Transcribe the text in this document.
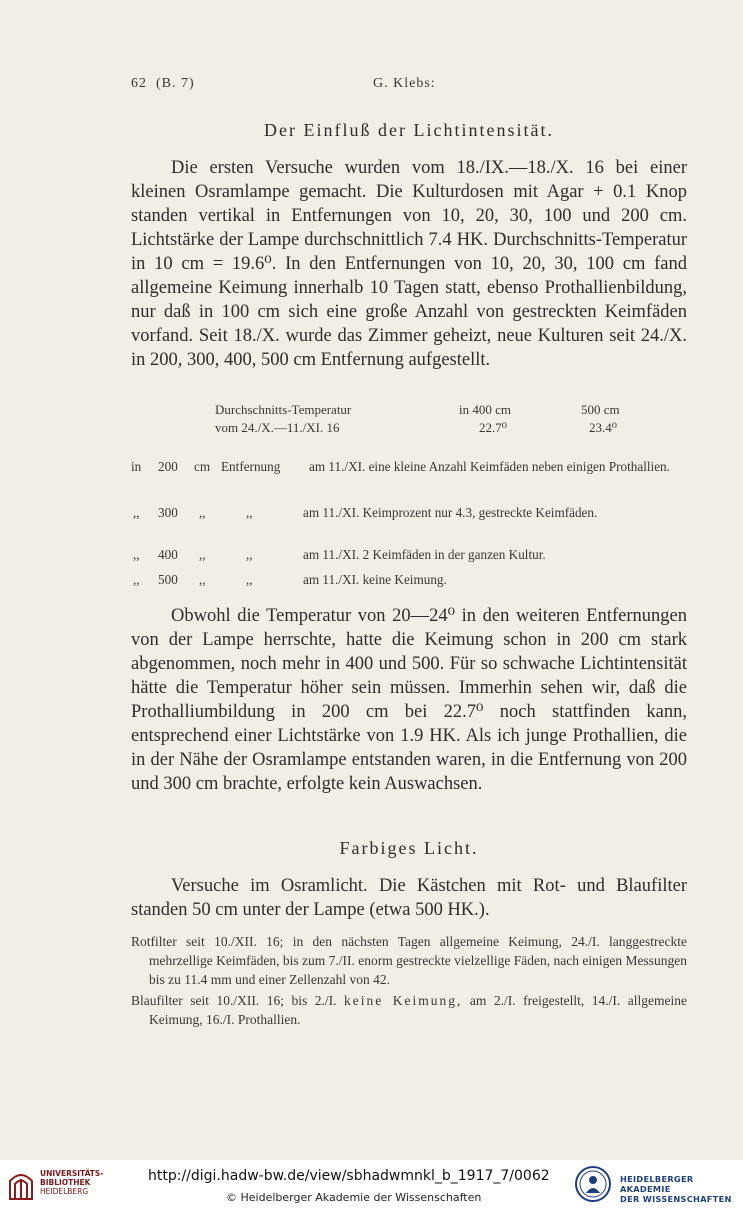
62 (B. 7)	G. Klebs:
Der Einfluß der Lichtintensität.

Die ersten Versuche wurden vom 18./IX.—18./X. 16 bei einer kleinen Osramlampe gemacht. Die Kulturdosen mit Agar + 0.1 Knop standen vertikal in Entfernungen von 10, 20, 30, 100 und 200 cm. Lichtstärke der Lampe durchschnittlich 7.4 HK. Durchschnitts-Temperatur in 10 cm = 19.6⁰. In den Entfernungen von 10, 20, 30, 100 cm fand allgemeine Keimung innerhalb 10 Tagen statt, ebenso Prothallienbildung, nur daß in 100 cm sich eine große Anzahl von gestreckten Keimfäden vorfand. Seit 18./X. wurde das Zimmer geheizt, neue Kulturen seit 24./X. in 200, 300, 400, 500 cm Entfernung aufgestellt.

Durchschnitts-Temperatur	in 400 cm	500 cm
vom 24./X.—11./XI. 16	22.7⁰	23.4⁰
in 200 cm Entfernung am 11./XI. eine kleine Anzahl Keimfäden neben einigen Prothallien.
,, 300 ,,	,,	am 11./XI. Keimprozent nur 4.3, gestreckte Keimfäden.
,, 400 ,,	,,	am 11./XI. 2 Keimfäden in der ganzen Kultur.
,, 500 ,,	,,	am 11./XI. keine Keimung.

Obwohl die Temperatur von 20—24⁰ in den weiteren Entfernungen von der Lampe herrschte, hatte die Keimung schon in 200 cm stark abgenommen, noch mehr in 400 und 500. Für so schwache Lichtintensität hätte die Temperatur höher sein müssen. Immerhin sehen wir, daß die Prothalliumbildung in 200 cm bei 22.7⁰ noch stattfinden kann, entsprechend einer Lichtstärke von 1.9 HK. Als ich junge Prothallien, die in der Nähe der Osramlampe entstanden waren, in die Entfernung von 200 und 300 cm brachte, erfolgte kein Auswachsen.

Farbiges Licht.

Versuche im Osramlicht. Die Kästchen mit Rot- und Blaufilter standen 50 cm unter der Lampe (etwa 500 HK.).

Rotfilter seit 10./XII. 16; in den nächsten Tagen allgemeine Keimung, 24./I. langgestreckte mehrzellige Keimfäden, bis zum 7./II. enorm gestreckte vielzellige Fäden, nach einigen Messungen bis zu 11.4 mm und einer Zellenzahl von 42.

Blaufilter seit 10./XII. 16; bis 2./I. keine Keimung, am 2./I. freigestellt, 14./I. allgemeine Keimung, 16./I. Prothallien.

UNIVERSITÄTS-
BIBLIOTHEK
HEIDELBERG
http://digi.hadw-bw.de/view/sbhadwmnkl_b_1917_7/0062
© Heidelberger Akademie der Wissenschaften
HEIDELBERGER AKADEMIE
DER WISSENSCHAFTEN
